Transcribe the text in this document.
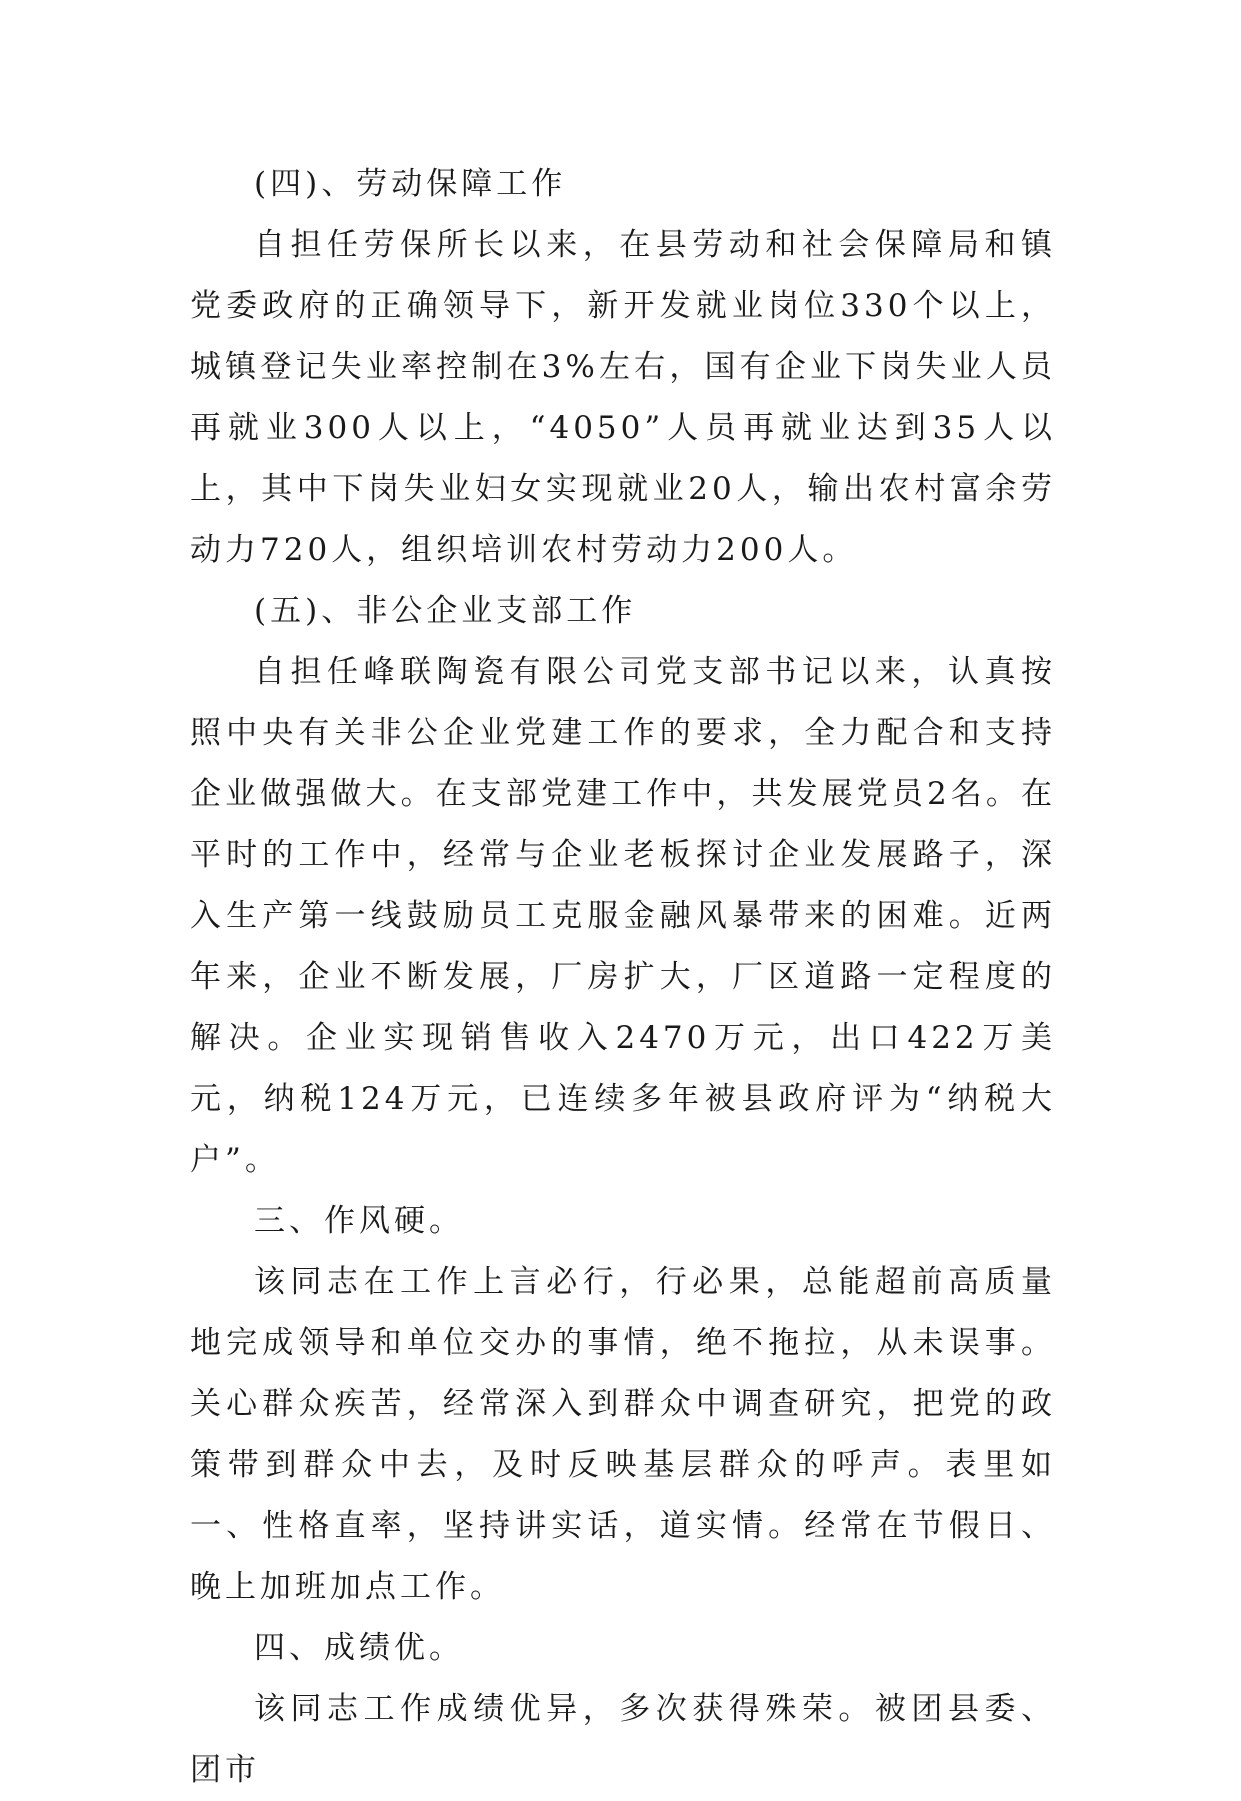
(四)、劳动保障工作

自担任劳保所长以来，在县劳动和社会保障局和镇党委政府的正确领导下，新开发就业岗位330个以上，城镇登记失业率控制在3%左右，国有企业下岗失业人员再就业300人以上，“4050”人员再就业达到35人以上，其中下岗失业妇女实现就业20人，输出农村富余劳动力720人，组织培训农村劳动力200人。

(五)、非公企业支部工作

自担任峰联陶瓷有限公司党支部书记以来，认真按照中央有关非公企业党建工作的要求，全力配合和支持企业做强做大。在支部党建工作中，共发展党员2名。在平时的工作中，经常与企业老板探讨企业发展路子，深入生产第一线鼓励员工克服金融风暴带来的困难。近两年来，企业不断发展，厂房扩大，厂区道路一定程度的解决。企业实现销售收入2470万元，出口422万美元，纳税124万元，已连续多年被县政府评为“纳税大户”。

三、作风硬。

该同志在工作上言必行，行必果，总能超前高质量地完成领导和单位交办的事情，绝不拖拉，从未误事。关心群众疾苦，经常深入到群众中调查研究，把党的政策带到群众中去，及时反映基层群众的呼声。表里如一、性格直率，坚持讲实话，道实情。经常在节假日、晚上加班加点工作。

四、成绩优。

该同志工作成绩优异，多次获得殊荣。被团县委、团市
